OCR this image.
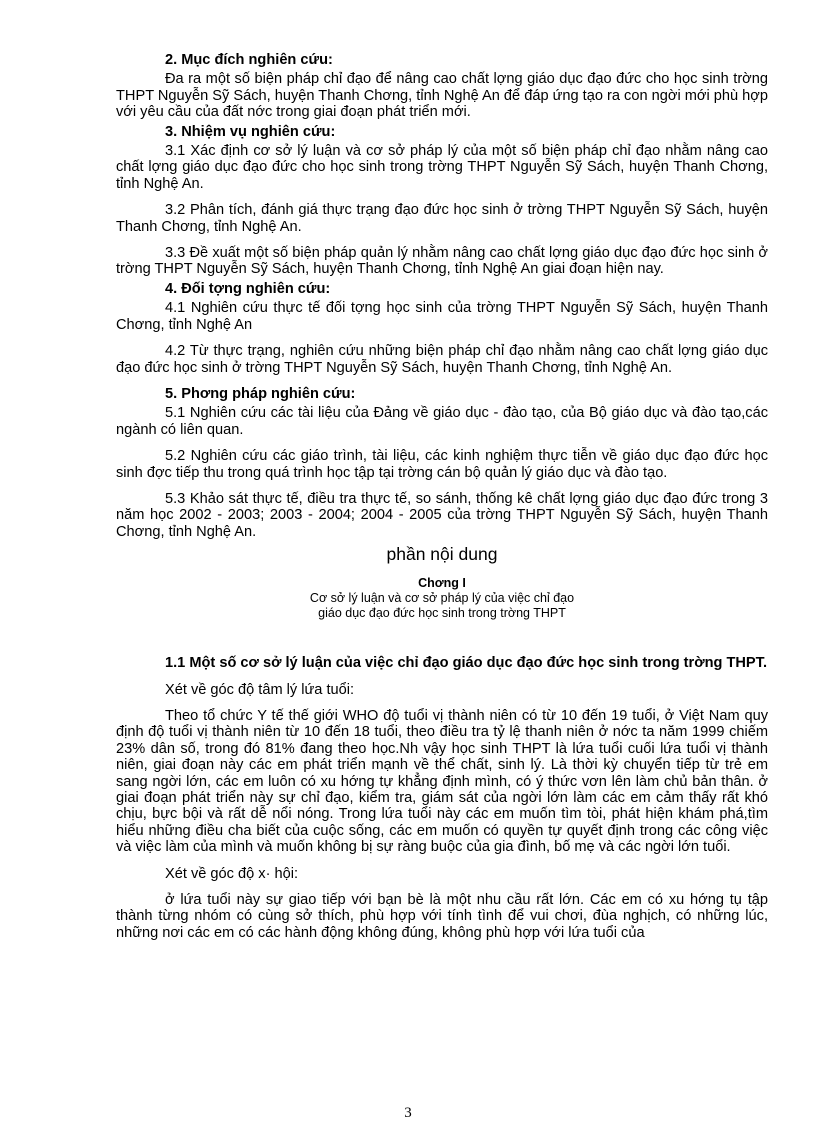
2. Mục đích nghiên cứu:
Đa ra một số biện pháp chỉ đạo để nâng cao chất lợng giáo dục đạo đức cho học sinh trờng THPT Nguyễn Sỹ Sách, huyện Thanh Chơng, tỉnh Nghệ An để đáp ứng tạo ra con ngời mới phù hợp với yêu cầu của đất nớc trong giai đoạn phát triển mới.
3. Nhiệm vụ nghiên cứu:
3.1 Xác định cơ sở lý luận và cơ sở pháp lý của một số biện pháp chỉ đạo nhằm nâng cao chất lợng giáo dục đạo đức cho học sinh trong trờng THPT Nguyễn Sỹ Sách, huyện Thanh Chơng, tỉnh Nghệ An.
3.2 Phân tích, đánh giá thực trạng đạo đức học sinh ở trờng THPT Nguyễn Sỹ Sách, huyện Thanh Chơng, tỉnh Nghệ An.
3.3 Đề xuất một số biện pháp quản lý nhằm nâng cao chất lợng giáo dục đạo đức học sinh ở trờng THPT Nguyễn Sỹ Sách, huyện Thanh Chơng, tỉnh Nghệ An giai đoạn hiện nay.
4. Đối tợng nghiên cứu:
4.1 Nghiên cứu thực tế đối tợng học sinh của trờng THPT Nguyễn Sỹ Sách, huyện Thanh Chơng, tỉnh Nghệ An
4.2 Từ thực trạng, nghiên cứu những biện pháp chỉ đạo nhằm nâng cao chất lợng giáo dục đạo đức học sinh ở trờng THPT Nguyễn Sỹ Sách, huyện Thanh Chơng, tỉnh Nghệ An.
5. Phơng pháp nghiên cứu:
5.1 Nghiên cứu các tài liệu của Đảng về giáo dục - đào tạo, của Bộ giáo dục và đào tạo,các ngành có liên quan.
5.2 Nghiên cứu các giáo trình, tài liệu, các kinh nghiệm thực tiễn về giáo dục đạo đức học sinh đợc tiếp thu trong quá trình học tập tại trờng cán bộ quản lý giáo dục và đào tạo.
5.3 Khảo sát thực tế, điều tra thực tế, so sánh, thống kê chất lợng giáo dục đạo đức trong 3 năm học 2002 - 2003; 2003 - 2004; 2004 - 2005 của trờng THPT Nguyễn Sỹ Sách, huyện Thanh Chơng, tỉnh Nghệ An.
phần nội dung
Chơng I
Cơ sở lý luận và cơ sở pháp lý của việc chỉ đạo
giáo dục đạo đức học sinh trong trờng THPT
1.1 Một số cơ sở lý luận của việc chỉ đạo giáo dục đạo đức học sinh trong trờng THPT.
Xét về góc độ tâm lý lứa tuổi:
Theo tổ chức Y tế thế giới WHO độ tuổi vị thành niên có từ 10 đến 19 tuổi, ở Việt Nam quy định độ tuổi vị thành niên từ 10 đến 18 tuổi, theo điều tra tỷ lệ thanh niên ở nớc ta năm 1999 chiếm 23% dân số, trong đó 81% đang theo học.Nh vậy học sinh THPT là lứa tuổi cuối lứa tuổi vị thành niên, giai đoạn này các em phát triển mạnh về thể chất, sinh lý. Là thời kỳ chuyển tiếp từ trẻ em sang ngời lớn, các em luôn có xu hớng tự khẳng định mình, có ý thức vơn lên làm chủ bản thân. ở giai đoạn phát triển này sự chỉ đạo, kiểm tra, giám sát của ngời lớn làm các em cảm thấy rất khó chịu, bực bội và rất dễ nổi nóng. Trong lứa tuổi này các em muốn tìm tòi, phát hiện khám phá,tìm hiểu những điều cha biết của cuộc sống, các em muốn có quyền tự quyết định trong các công việc và việc làm của mình và muốn không bị sự ràng buộc của gia đình, bố mẹ và các ngời lớn tuổi.
Xét về góc độ x· hội:
ở lứa tuổi này sự giao tiếp với bạn bè là một nhu cầu rất lớn. Các em có xu hớng tụ tập thành từng nhóm có cùng sở thích, phù hợp với tính tình để vui chơi, đùa nghịch, có những lúc, những nơi các em có các hành động không đúng, không phù hợp với lứa tuổi của
3
